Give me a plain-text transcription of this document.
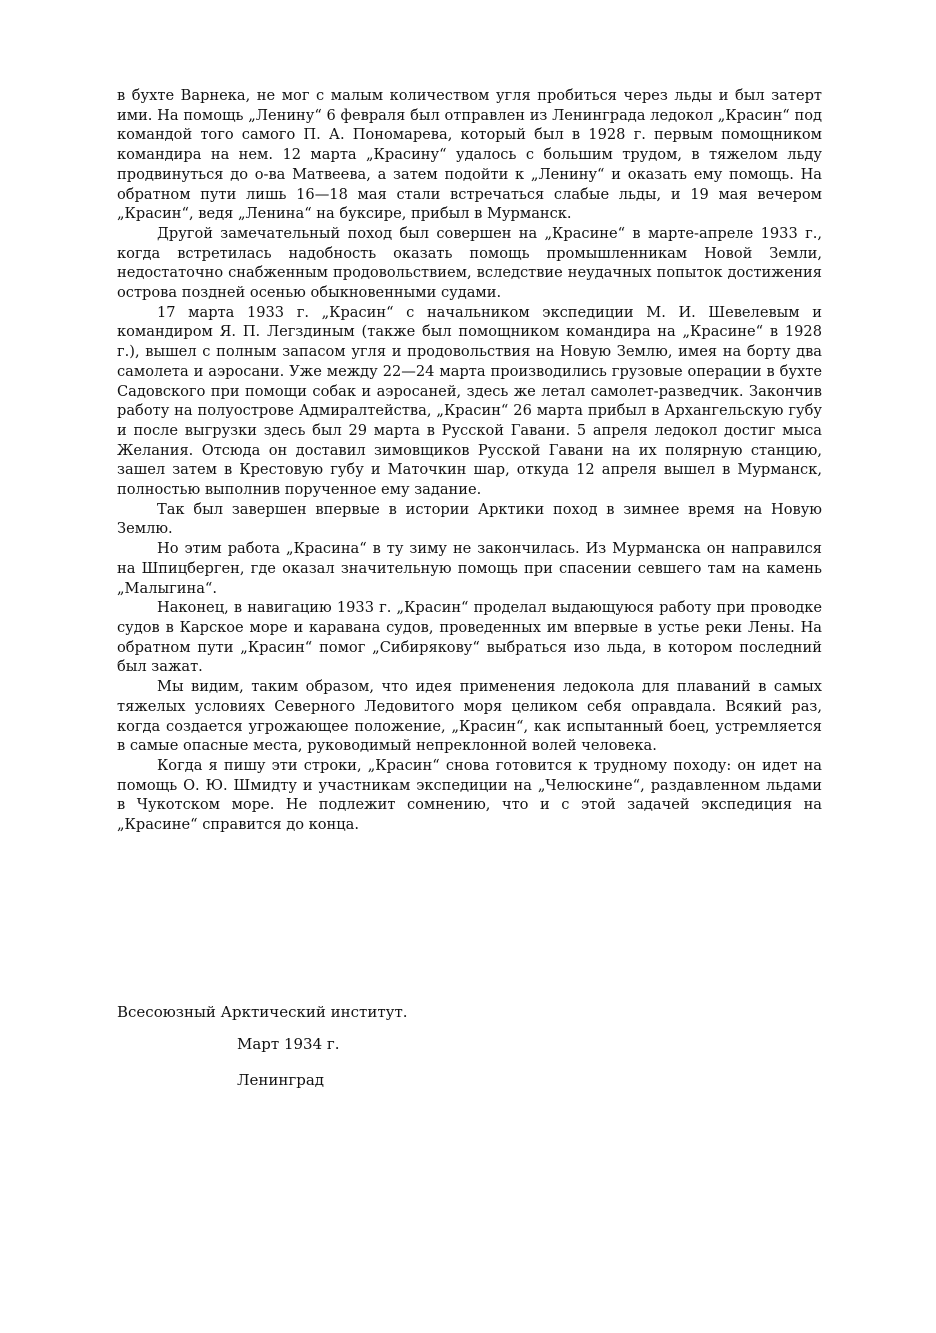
в бухте Варнека, не мог с малым количеством угля пробиться через льды и был затерт ими. На помощь „Ленину“ 6 февраля был отправлен из Ленинграда ледокол „Красин“ под командой того самого П. А. Пономарева, который был в 1928 г. первым помощником командира на нем. 12 марта „Красину“ удалось с большим трудом, в тяжелом льду продвинуться до о-ва Матвеева, а затем подойти к „Ленину“ и оказать ему помощь. На обратном пути лишь 16—18 мая стали встречаться слабые льды, и 19 мая вечером „Красин“, ведя „Ленина“ на буксире, прибыл в Мурманск.

Другой замечательный поход был совершен на „Красине“ в марте-апреле 1933 г., когда встретилась надобность оказать помощь промышленникам Новой Земли, недостаточно снабженным продовольствием, вследствие неудачных попыток достижения острова поздней осенью обыкновенными судами.

17 марта 1933 г. „Красин“ с начальником экспедиции М. И. Шевелевым и командиром Я. П. Легздиным (также был помощником командира на „Красине“ в 1928 г.), вышел с полным запасом угля и продовольствия на Новую Землю, имея на борту два самолета и аэросани. Уже между 22—24 марта производились грузовые операции в бухте Садовского при помощи собак и аэросаней, здесь же летал самолет-разведчик. Закончив работу на полуострове Адмиралтейства, „Красин“ 26 марта прибыл в Архангельскую губу и после выгрузки здесь был 29 марта в Русской Гавани. 5 апреля ледокол достиг мыса Желания. Отсюда он доставил зимовщиков Русской Гавани на их полярную станцию, зашел затем в Крестовую губу и Маточкин шар, откуда 12 апреля вышел в Мурманск, полностью выполнив порученное ему задание.

Так был завершен впервые в истории Арктики поход в зимнее время на Новую Землю.

Но этим работа „Красина“ в ту зиму не закончилась. Из Мурманска он направился на Шпицберген, где оказал значительную помощь при спасении севшего там на камень „Малыгина“.

Наконец, в навигацию 1933 г. „Красин“ проделал выдающуюся работу при проводке судов в Карское море и каравана судов, проведенных им впервые в устье реки Лены. На обратном пути „Красин“ помог „Сибирякову“ выбраться изо льда, в котором последний был зажат.

Мы видим, таким образом, что идея применения ледокола для плаваний в самых тяжелых условиях Северного Ледовитого моря целиком себя оправдала. Всякий раз, когда создается угрожающее положение, „Красин“, как испытанный боец, устремляется в самые опасные места, руководимый непреклонной волей человека.

Когда я пишу эти строки, „Красин“ снова готовится к трудному походу: он идет на помощь О. Ю. Шмидту и участникам экспедиции на „Челюскине“, раздавленном льдами в Чукотском море. Не подлежит сомнению, что и с этой задачей экспедиция на „Красине“ справится до конца.

Всесоюзный Арктический институт.
Март 1934 г.
Ленинград
